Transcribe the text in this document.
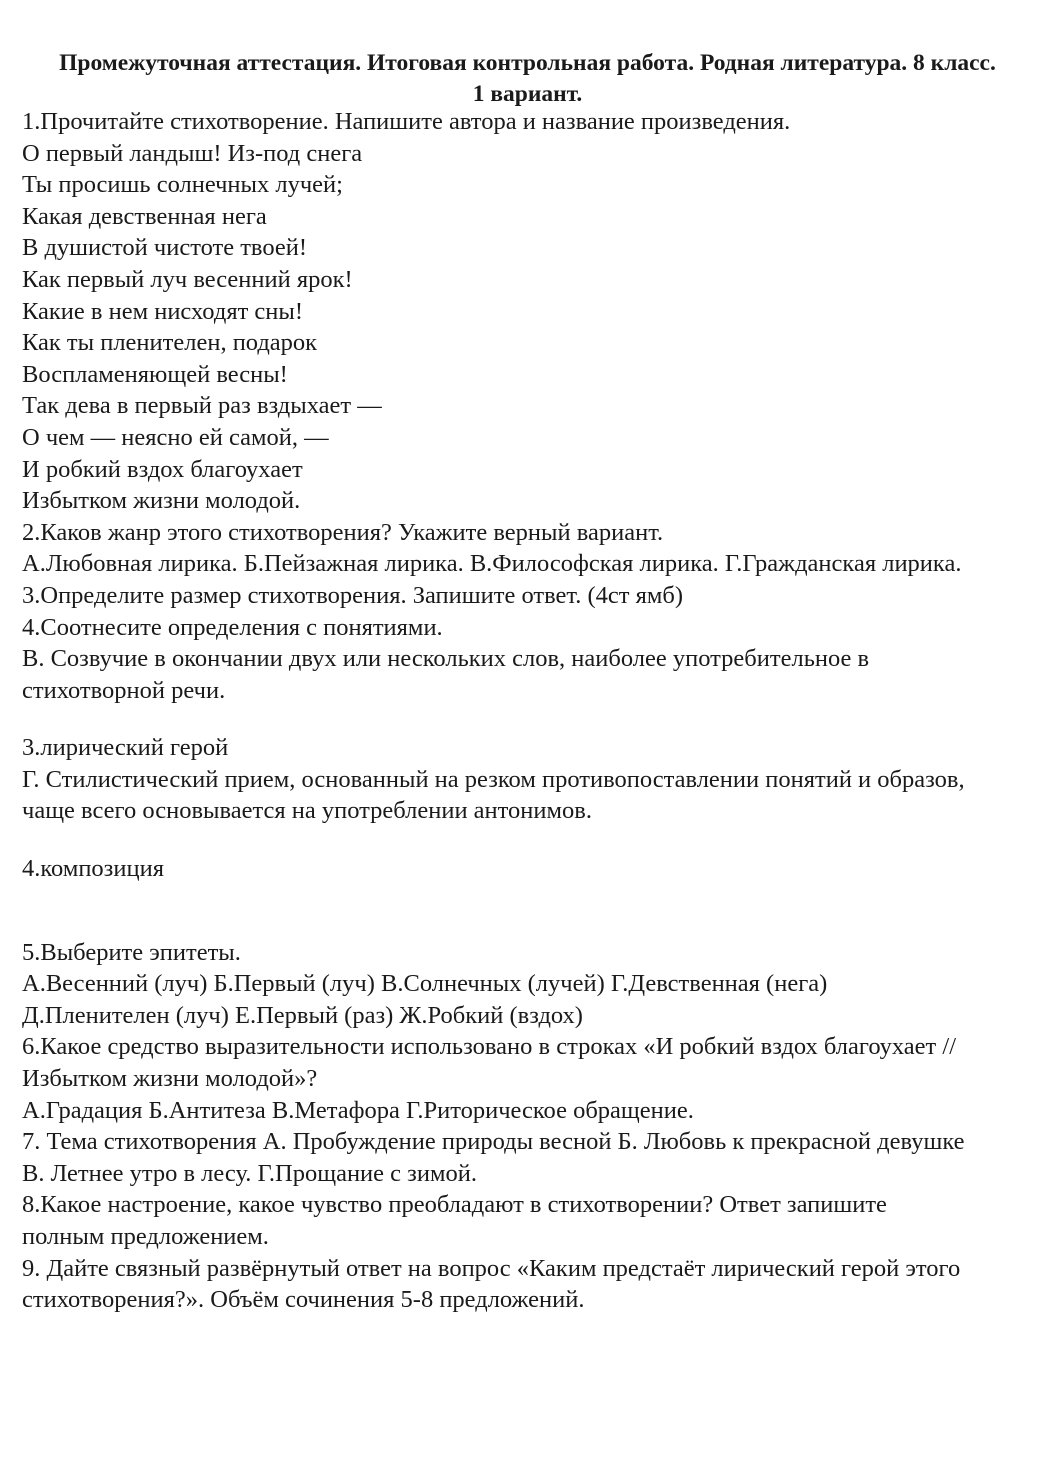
Промежуточная аттестация. Итоговая контрольная работа. Родная литература. 8 класс.
1 вариант.
1.Прочитайте стихотворение. Напишите автора и название произведения.
О первый ландыш! Из-под снега
Ты просишь солнечных лучей;
Какая девственная нега
В душистой чистоте твоей!
Как первый луч весенний ярок!
Какие в нем нисходят сны!
Как ты пленителен, подарок
Воспламеняющей весны!
Так дева в первый раз вздыхает —
О чем — неясно ей самой, —
И робкий вздох благоухает
Избытком жизни молодой.
2.Каков жанр этого стихотворения? Укажите верный вариант.
А.Любовная лирика. Б.Пейзажная лирика. В.Философская лирика. Г.Гражданская лирика.
3.Определите размер стихотворения. Запишите ответ. (4ст ямб)
4.Соотнесите определения с понятиями.
В. Созвучие в окончании двух или нескольких слов, наиболее употребительное в
стихотворной речи.
3.лирический герой
Г. Стилистический прием, основанный на резком противопоставлении понятий и образов,
чаще всего основывается на употреблении антонимов.
4.композиция
5.Выберите эпитеты.
А.Весенний (луч) Б.Первый (луч) В.Солнечных (лучей) Г.Девственная (нега)
Д.Пленителен (луч) Е.Первый (раз) Ж.Робкий (вздох)
6.Какое средство выразительности использовано в строках «И робкий вздох благоухает //
Избытком жизни молодой»?
А.Градация Б.Антитеза В.Метафора Г.Риторическое обращение.
7. Тема стихотворения А. Пробуждение природы весной Б. Любовь к прекрасной девушке
В. Летнее утро в лесу. Г.Прощание с зимой.
8.Какое настроение, какое чувство преобладают в стихотворении? Ответ запишите
полным предложением.
9. Дайте связный развёрнутый ответ на вопрос «Каким предстаёт лирический герой этого
стихотворения?». Объём сочинения 5-8 предложений.
